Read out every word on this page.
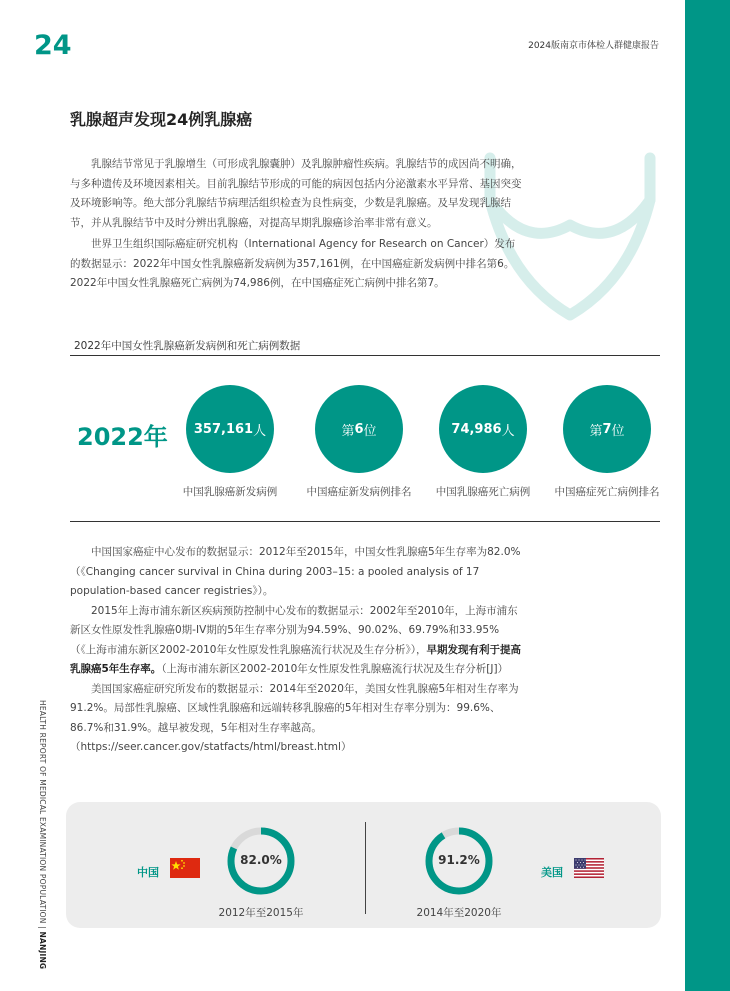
24	2024版南京市体检人群健康报告
乳腺超声发现24例乳腺癌

乳腺结节常见于乳腺增生（可形成乳腺囊肿）及乳腺肿瘤性疾病。乳腺结节的成因尚不明确，与多种遗传及环境因素相关。目前乳腺结节形成的可能的病因包括内分泌激素水平异常、基因突变及环境影响等。绝大部分乳腺结节病理活组织检查为良性病变，少数是乳腺癌。及早发现乳腺结节，并从乳腺结节中及时分辨出乳腺癌，对提高早期乳腺癌诊治率非常有意义。

世界卫生组织国际癌症研究机构（International Agency for Research on Cancer）发布的数据显示：2022年中国女性乳腺癌新发病例为357,161例，在中国癌症新发病例中排名第6。2022年中国女性乳腺癌死亡病例为74,986例，在中国癌症死亡病例中排名第7。

2022年中国女性乳腺癌新发病例和死亡病例数据
2022年 357,161 人
中国乳腺癌新发病例
第 6 位
中国癌症新发病例排名
74,986 人
中国乳腺癌死亡病例
第 7 位
中国癌症死亡病例排名

中国国家癌症中心发布的数据显示：2012年至2015年，中国女性乳腺癌5年生存率为82.0%（《Changing cancer survival in China during 2003–15: a pooled analysis of 17 population-based cancer registries》）。

2015年上海市浦东新区疾病预防控制中心发布的数据显示：2002年至2010年，上海市浦东新区女性原发性乳腺癌0期-IV期的5年生存率分别为94.59%、90.02%、69.79%和33.95%（《上海市浦东新区2002-2010年女性原发性乳腺癌流行状况及生存分析》），早期发现有利于提高乳腺癌5年生存率。（上海市浦东新区2002-2010年女性原发性乳腺癌流行状况及生存分析[J]）

美国国家癌症研究所发布的数据显示：2014年至2020年，美国女性乳腺癌5年相对生存率为91.2%。局部性乳腺癌、区域性乳腺癌和远端转移乳腺癌的5年相对生存率分别为：99.6%、86.7%和31.9%。越早被发现，5年相对生存率越高。（https://seer.cancer.gov/statfacts/html/breast.html）

HEALTH REPORT OF MEDICAL EXAMINATION POPULATION | NANJING
中国
82.0%
2012年至2015年
91.2%
2014年至2020年
美国
